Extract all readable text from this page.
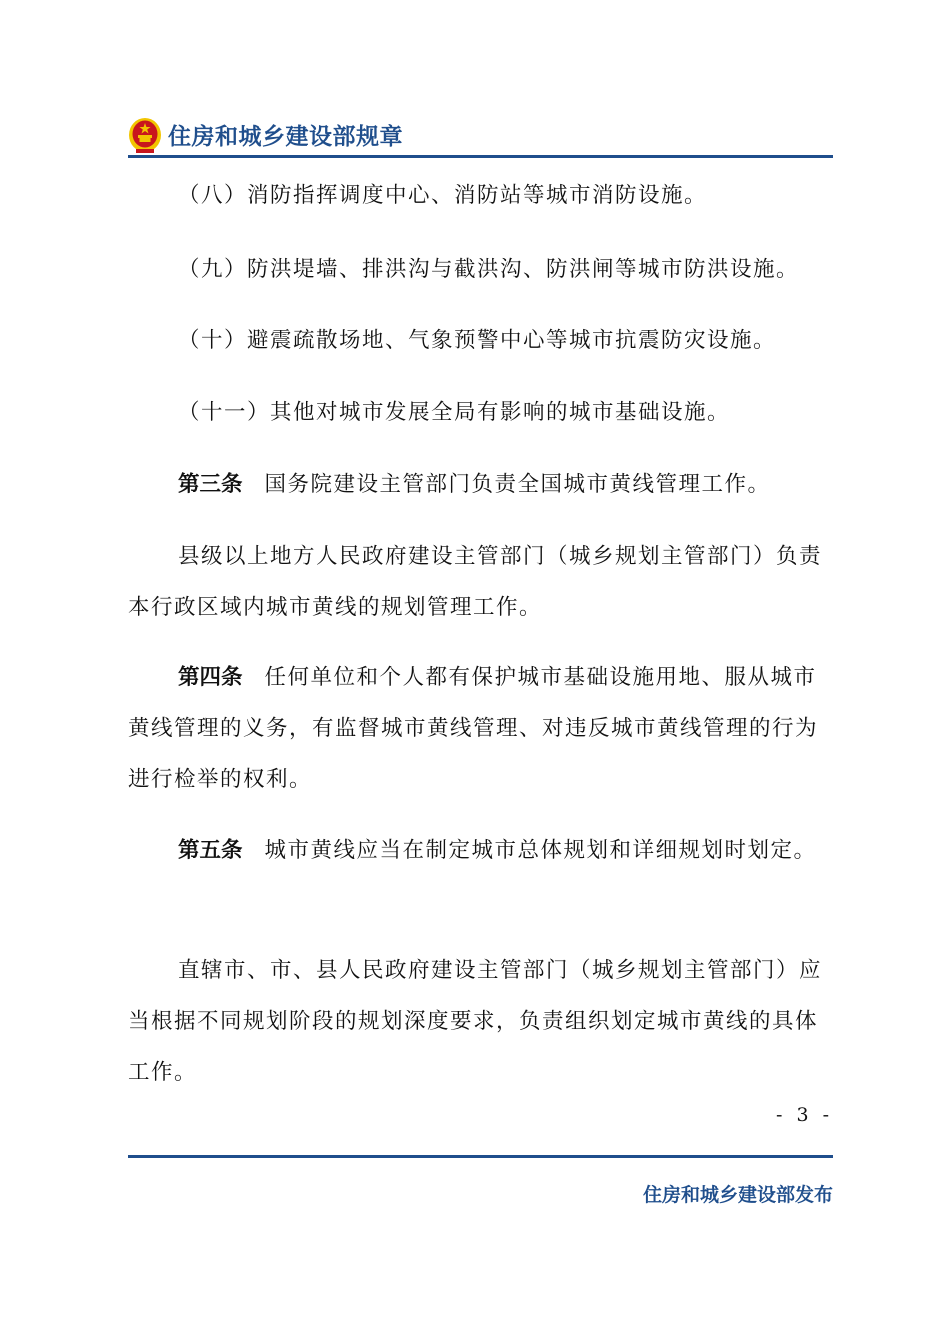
住房和城乡建设部规章

（八）消防指挥调度中心、消防站等城市消防设施。

（九）防洪堤墙、排洪沟与截洪沟、防洪闸等城市防洪设施。

（十）避震疏散场地、气象预警中心等城市抗震防灾设施。

（十一）其他对城市发展全局有影响的城市基础设施。

第三条 国务院建设主管部门负责全国城市黄线管理工作。

县级以上地方人民政府建设主管部门（城乡规划主管部门）负责本行政区域内城市黄线的规划管理工作。

第四条 任何单位和个人都有保护城市基础设施用地、服从城市黄线管理的义务，有监督城市黄线管理、对违反城市黄线管理的行为进行检举的权利。

第五条 城市黄线应当在制定城市总体规划和详细规划时划定。

直辖市、市、县人民政府建设主管部门（城乡规划主管部门）应当根据不同规划阶段的规划深度要求，负责组织划定城市黄线的具体工作。

- 3 -
住房和城乡建设部发布
